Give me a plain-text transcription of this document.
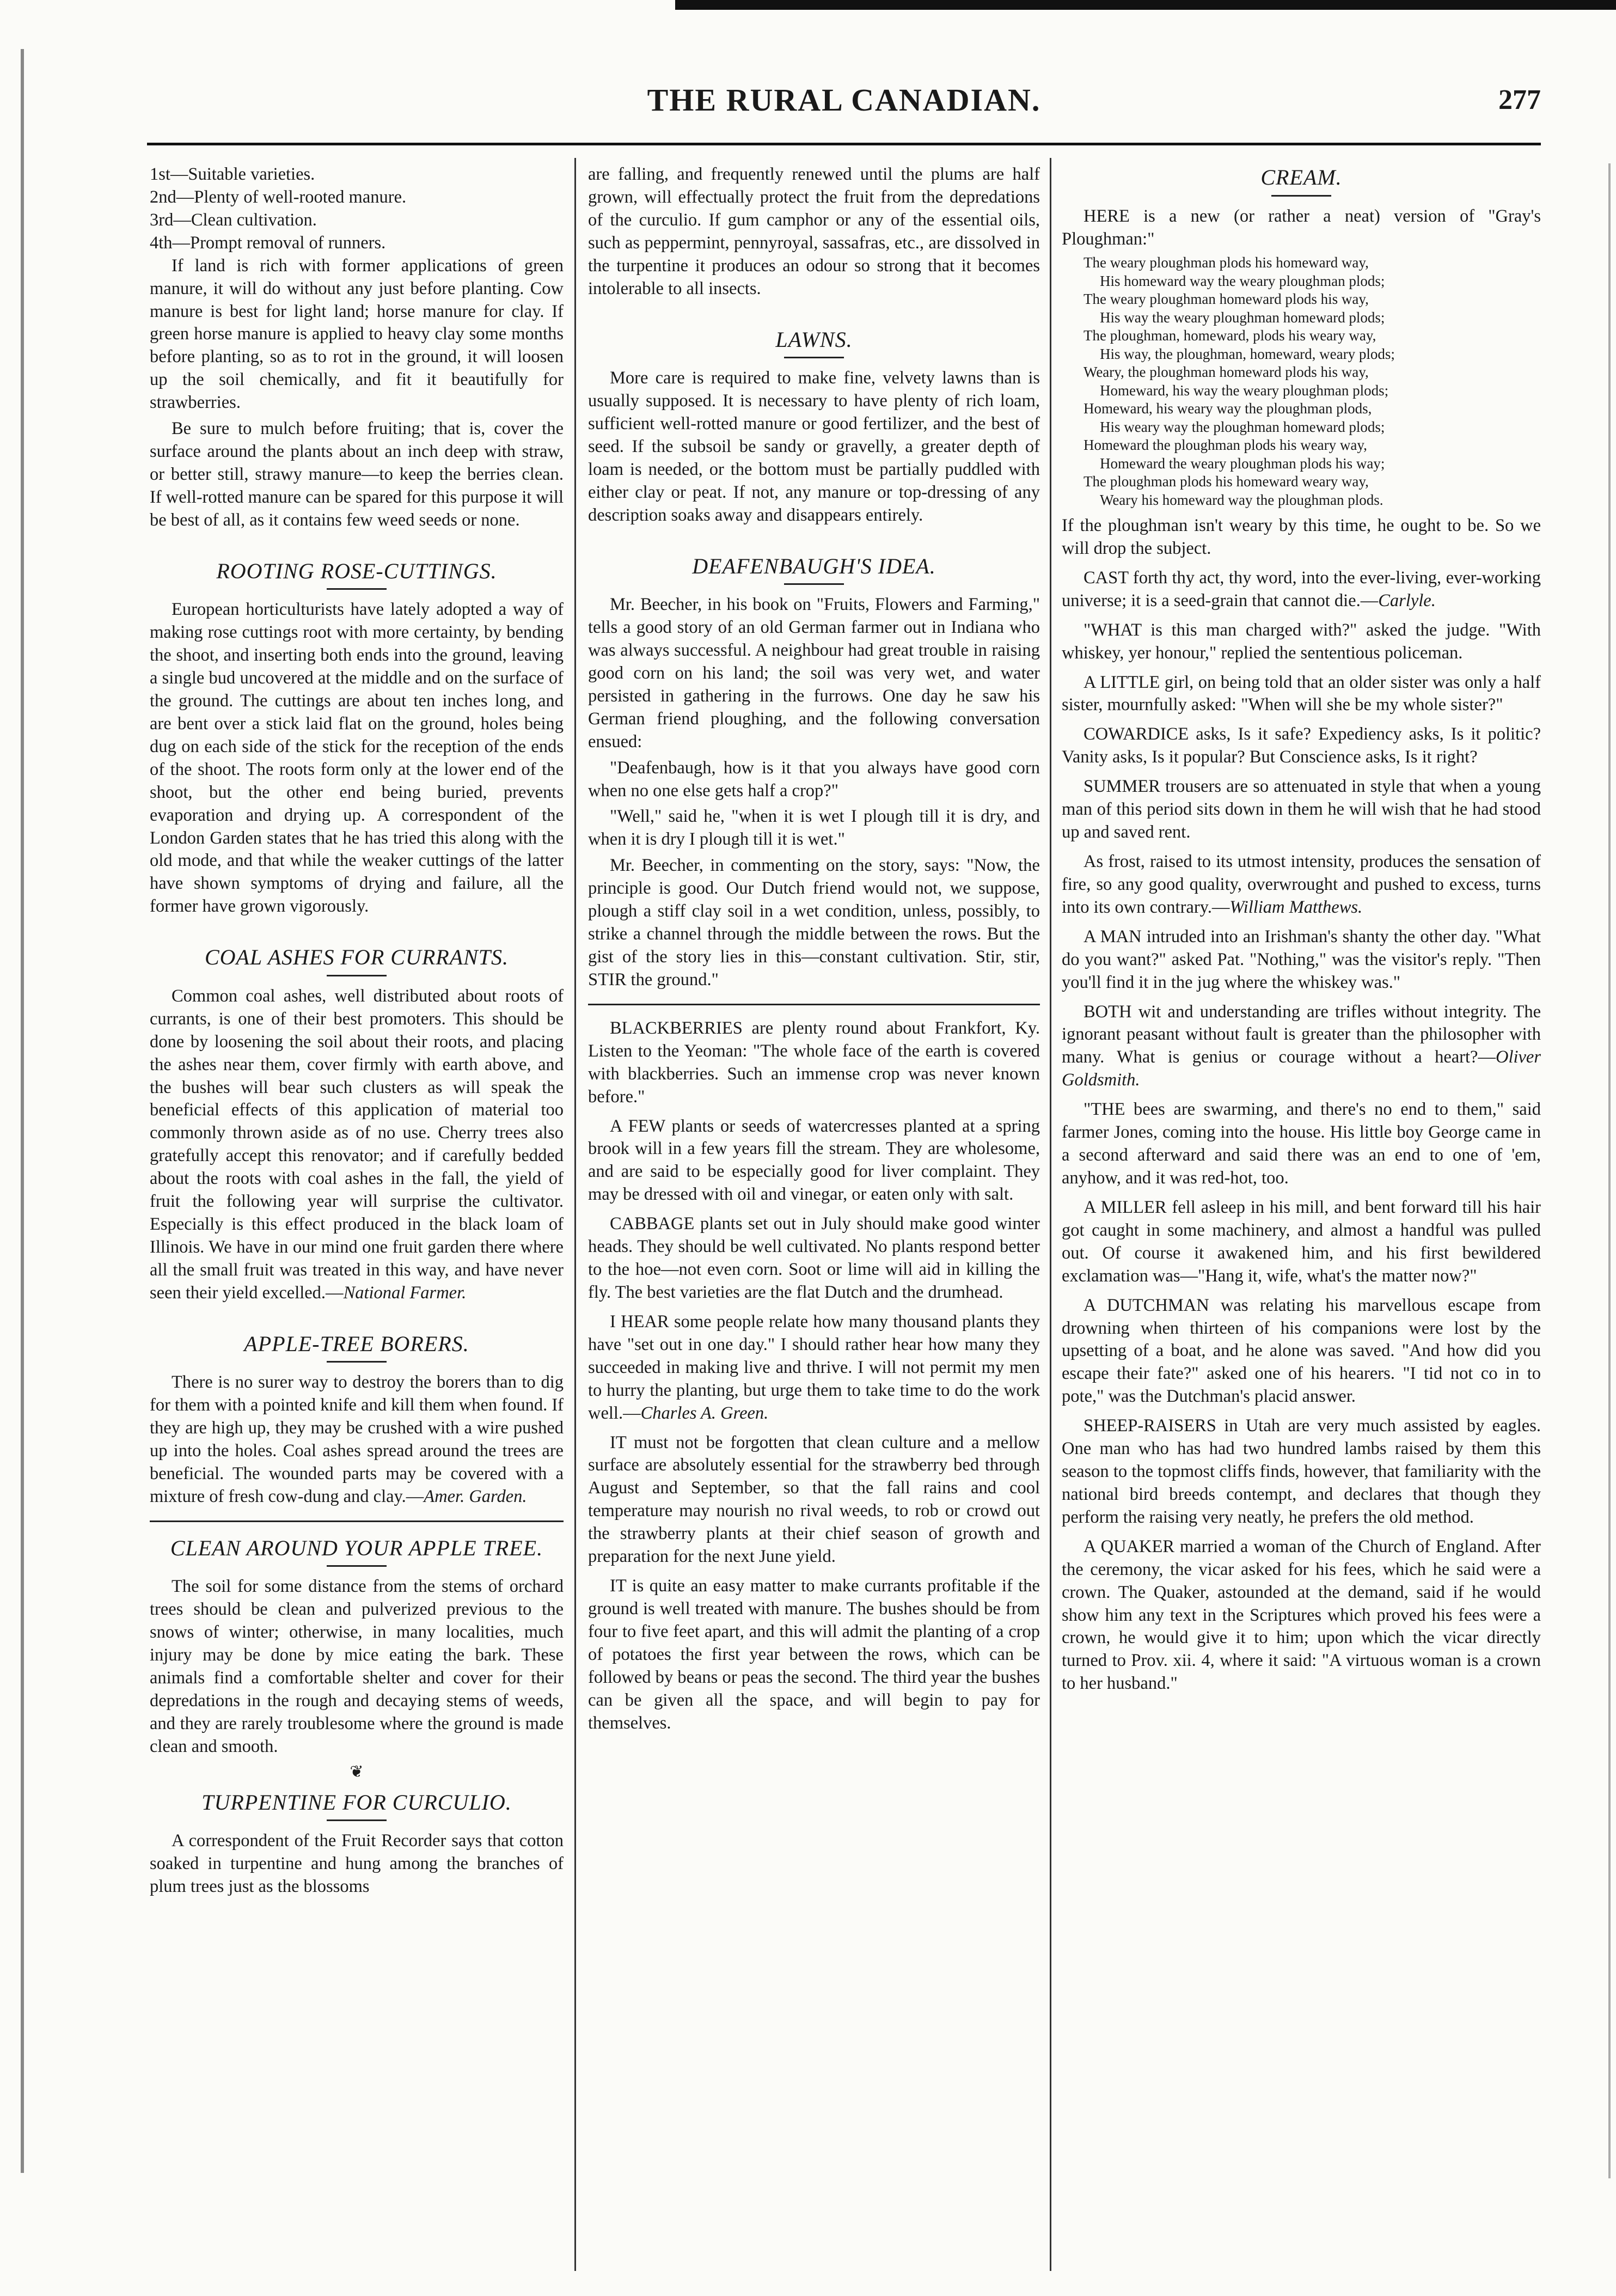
THE RURAL CANADIAN.	277
1st—Suitable varieties.
2nd—Plenty of well-rooted manure.
3rd—Clean cultivation.
4th—Prompt removal of runners.

If land is rich with former applications of green manure, it will do without any just before planting. Cow manure is best for light land; horse manure for clay. If green horse manure is applied to heavy clay some months before planting, so as to rot in the ground, it will loosen up the soil chemically, and fit it beautifully for strawberries.

Be sure to mulch before fruiting; that is, cover the surface around the plants about an inch deep with straw, or better still, strawy manure—to keep the berries clean. If well-rotted manure can be spared for this purpose it will be best of all, as it contains few weed seeds or none.

ROOTING ROSE-CUTTINGS.

European horticulturists have lately adopted a way of making rose cuttings root with more certainty, by bending the shoot, and inserting both ends into the ground, leaving a single bud uncovered at the middle and on the surface of the ground. The cuttings are about ten inches long, and are bent over a stick laid flat on the ground, holes being dug on each side of the stick for the reception of the ends of the shoot. The roots form only at the lower end of the shoot, but the other end being buried, prevents evaporation and drying up. A correspondent of the London Garden states that he has tried this along with the old mode, and that while the weaker cuttings of the latter have shown symptoms of drying and failure, all the former have grown vigorously.

COAL ASHES FOR CURRANTS.

Common coal ashes, well distributed about roots of currants, is one of their best promoters. This should be done by loosening the soil about their roots, and placing the ashes near them, cover firmly with earth above, and the bushes will bear such clusters as will speak the beneficial effects of this application of material too commonly thrown aside as of no use. Cherry trees also gratefully accept this renovator; and if carefully bedded about the roots with coal ashes in the fall, the yield of fruit the following year will surprise the cultivator. Especially is this effect produced in the black loam of Illinois. We have in our mind one fruit garden there where all the small fruit was treated in this way, and have never seen their yield excelled.—National Farmer.

APPLE-TREE BORERS.

There is no surer way to destroy the borers than to dig for them with a pointed knife and kill them when found. If they are high up, they may be crushed with a wire pushed up into the holes. Coal ashes spread around the trees are beneficial. The wounded parts may be covered with a mixture of fresh cow-dung and clay.—Amer. Garden.

CLEAN AROUND YOUR APPLE TREE.

The soil for some distance from the stems of orchard trees should be clean and pulverized previous to the snows of winter; otherwise, in many localities, much injury may be done by mice eating the bark. These animals find a comfortable shelter and cover for their depredations in the rough and decaying stems of weeds, and they are rarely troublesome where the ground is made clean and smooth.

❦
TURPENTINE FOR CURCULIO.

A correspondent of the Fruit Recorder says that cotton soaked in turpentine and hung among the branches of plum trees just as the blossoms

are falling, and frequently renewed until the plums are half grown, will effectually protect the fruit from the depredations of the curculio. If gum camphor or any of the essential oils, such as peppermint, pennyroyal, sassafras, etc., are dissolved in the turpentine it produces an odour so strong that it becomes intolerable to all insects.

LAWNS.

More care is required to make fine, velvety lawns than is usually supposed. It is necessary to have plenty of rich loam, sufficient well-rotted manure or good fertilizer, and the best of seed. If the subsoil be sandy or gravelly, a greater depth of loam is needed, or the bottom must be partially puddled with either clay or peat. If not, any manure or top-dressing of any description soaks away and disappears entirely.

DEAFENBAUGH'S IDEA.

Mr. Beecher, in his book on "Fruits, Flowers and Farming," tells a good story of an old German farmer out in Indiana who was always successful. A neighbour had great trouble in raising good corn on his land; the soil was very wet, and water persisted in gathering in the furrows. One day he saw his German friend ploughing, and the following conversation ensued:

"Deafenbaugh, how is it that you always have good corn when no one else gets half a crop?"

"Well," said he, "when it is wet I plough till it is dry, and when it is dry I plough till it is wet."

Mr. Beecher, in commenting on the story, says: "Now, the principle is good. Our Dutch friend would not, we suppose, plough a stiff clay soil in a wet condition, unless, possibly, to strike a channel through the middle between the rows. But the gist of the story lies in this—constant cultivation. Stir, stir, STIR the ground."

BLACKBERRIES are plenty round about Frankfort, Ky. Listen to the Yeoman: "The whole face of the earth is covered with blackberries. Such an immense crop was never known before."

A FEW plants or seeds of watercresses planted at a spring brook will in a few years fill the stream. They are wholesome, and are said to be especially good for liver complaint. They may be dressed with oil and vinegar, or eaten only with salt.

CABBAGE plants set out in July should make good winter heads. They should be well cultivated. No plants respond better to the hoe—not even corn. Soot or lime will aid in killing the fly. The best varieties are the flat Dutch and the drumhead.

I HEAR some people relate how many thousand plants they have "set out in one day." I should rather hear how many they succeeded in making live and thrive. I will not permit my men to hurry the planting, but urge them to take time to do the work well.—Charles A. Green.

IT must not be forgotten that clean culture and a mellow surface are absolutely essential for the strawberry bed through August and September, so that the fall rains and cool temperature may nourish no rival weeds, to rob or crowd out the strawberry plants at their chief season of growth and preparation for the next June yield.

IT is quite an easy matter to make currants profitable if the ground is well treated with manure. The bushes should be from four to five feet apart, and this will admit the planting of a crop of potatoes the first year between the rows, which can be followed by beans or peas the second. The third year the bushes can be given all the space, and will begin to pay for themselves.

CREAM.

HERE is a new (or rather a neat) version of "Gray's Ploughman:"

The weary ploughman plods his homeward way,
His homeward way the weary ploughman plods;
The weary ploughman homeward plods his way,
His way the weary ploughman homeward plods;
The ploughman, homeward, plods his weary way,
His way, the ploughman, homeward, weary plods;
Weary, the ploughman homeward plods his way,
Homeward, his way the weary ploughman plods;
Homeward, his weary way the ploughman plods,
His weary way the ploughman homeward plods;
Homeward the ploughman plods his weary way,
Homeward the weary ploughman plods his way;
The ploughman plods his homeward weary way,
Weary his homeward way the ploughman plods.

If the ploughman isn't weary by this time, he ought to be. So we will drop the subject.

CAST forth thy act, thy word, into the ever-living, ever-working universe; it is a seed-grain that cannot die.—Carlyle.

"WHAT is this man charged with?" asked the judge. "With whiskey, yer honour," replied the sententious policeman.

A LITTLE girl, on being told that an older sister was only a half sister, mournfully asked: "When will she be my whole sister?"

COWARDICE asks, Is it safe? Expediency asks, Is it politic? Vanity asks, Is it popular? But Conscience asks, Is it right?

SUMMER trousers are so attenuated in style that when a young man of this period sits down in them he will wish that he had stood up and saved rent.

As frost, raised to its utmost intensity, produces the sensation of fire, so any good quality, overwrought and pushed to excess, turns into its own contrary.—William Matthews.

A MAN intruded into an Irishman's shanty the other day. "What do you want?" asked Pat. "Nothing," was the visitor's reply. "Then you'll find it in the jug where the whiskey was."

BOTH wit and understanding are trifles without integrity. The ignorant peasant without fault is greater than the philosopher with many. What is genius or courage without a heart?—Oliver Goldsmith.

"THE bees are swarming, and there's no end to them," said farmer Jones, coming into the house. His little boy George came in a second afterward and said there was an end to one of 'em, anyhow, and it was red-hot, too.

A MILLER fell asleep in his mill, and bent forward till his hair got caught in some machinery, and almost a handful was pulled out. Of course it awakened him, and his first bewildered exclamation was—"Hang it, wife, what's the matter now?"

A DUTCHMAN was relating his marvellous escape from drowning when thirteen of his companions were lost by the upsetting of a boat, and he alone was saved. "And how did you escape their fate?" asked one of his hearers. "I tid not co in to pote," was the Dutchman's placid answer.

SHEEP-RAISERS in Utah are very much assisted by eagles. One man who has had two hundred lambs raised by them this season to the topmost cliffs finds, however, that familiarity with the national bird breeds contempt, and declares that though they perform the raising very neatly, he prefers the old method.

A QUAKER married a woman of the Church of England. After the ceremony, the vicar asked for his fees, which he said were a crown. The Quaker, astounded at the demand, said if he would show him any text in the Scriptures which proved his fees were a crown, he would give it to him; upon which the vicar directly turned to Prov. xii. 4, where it said: "A virtuous woman is a crown to her husband."
